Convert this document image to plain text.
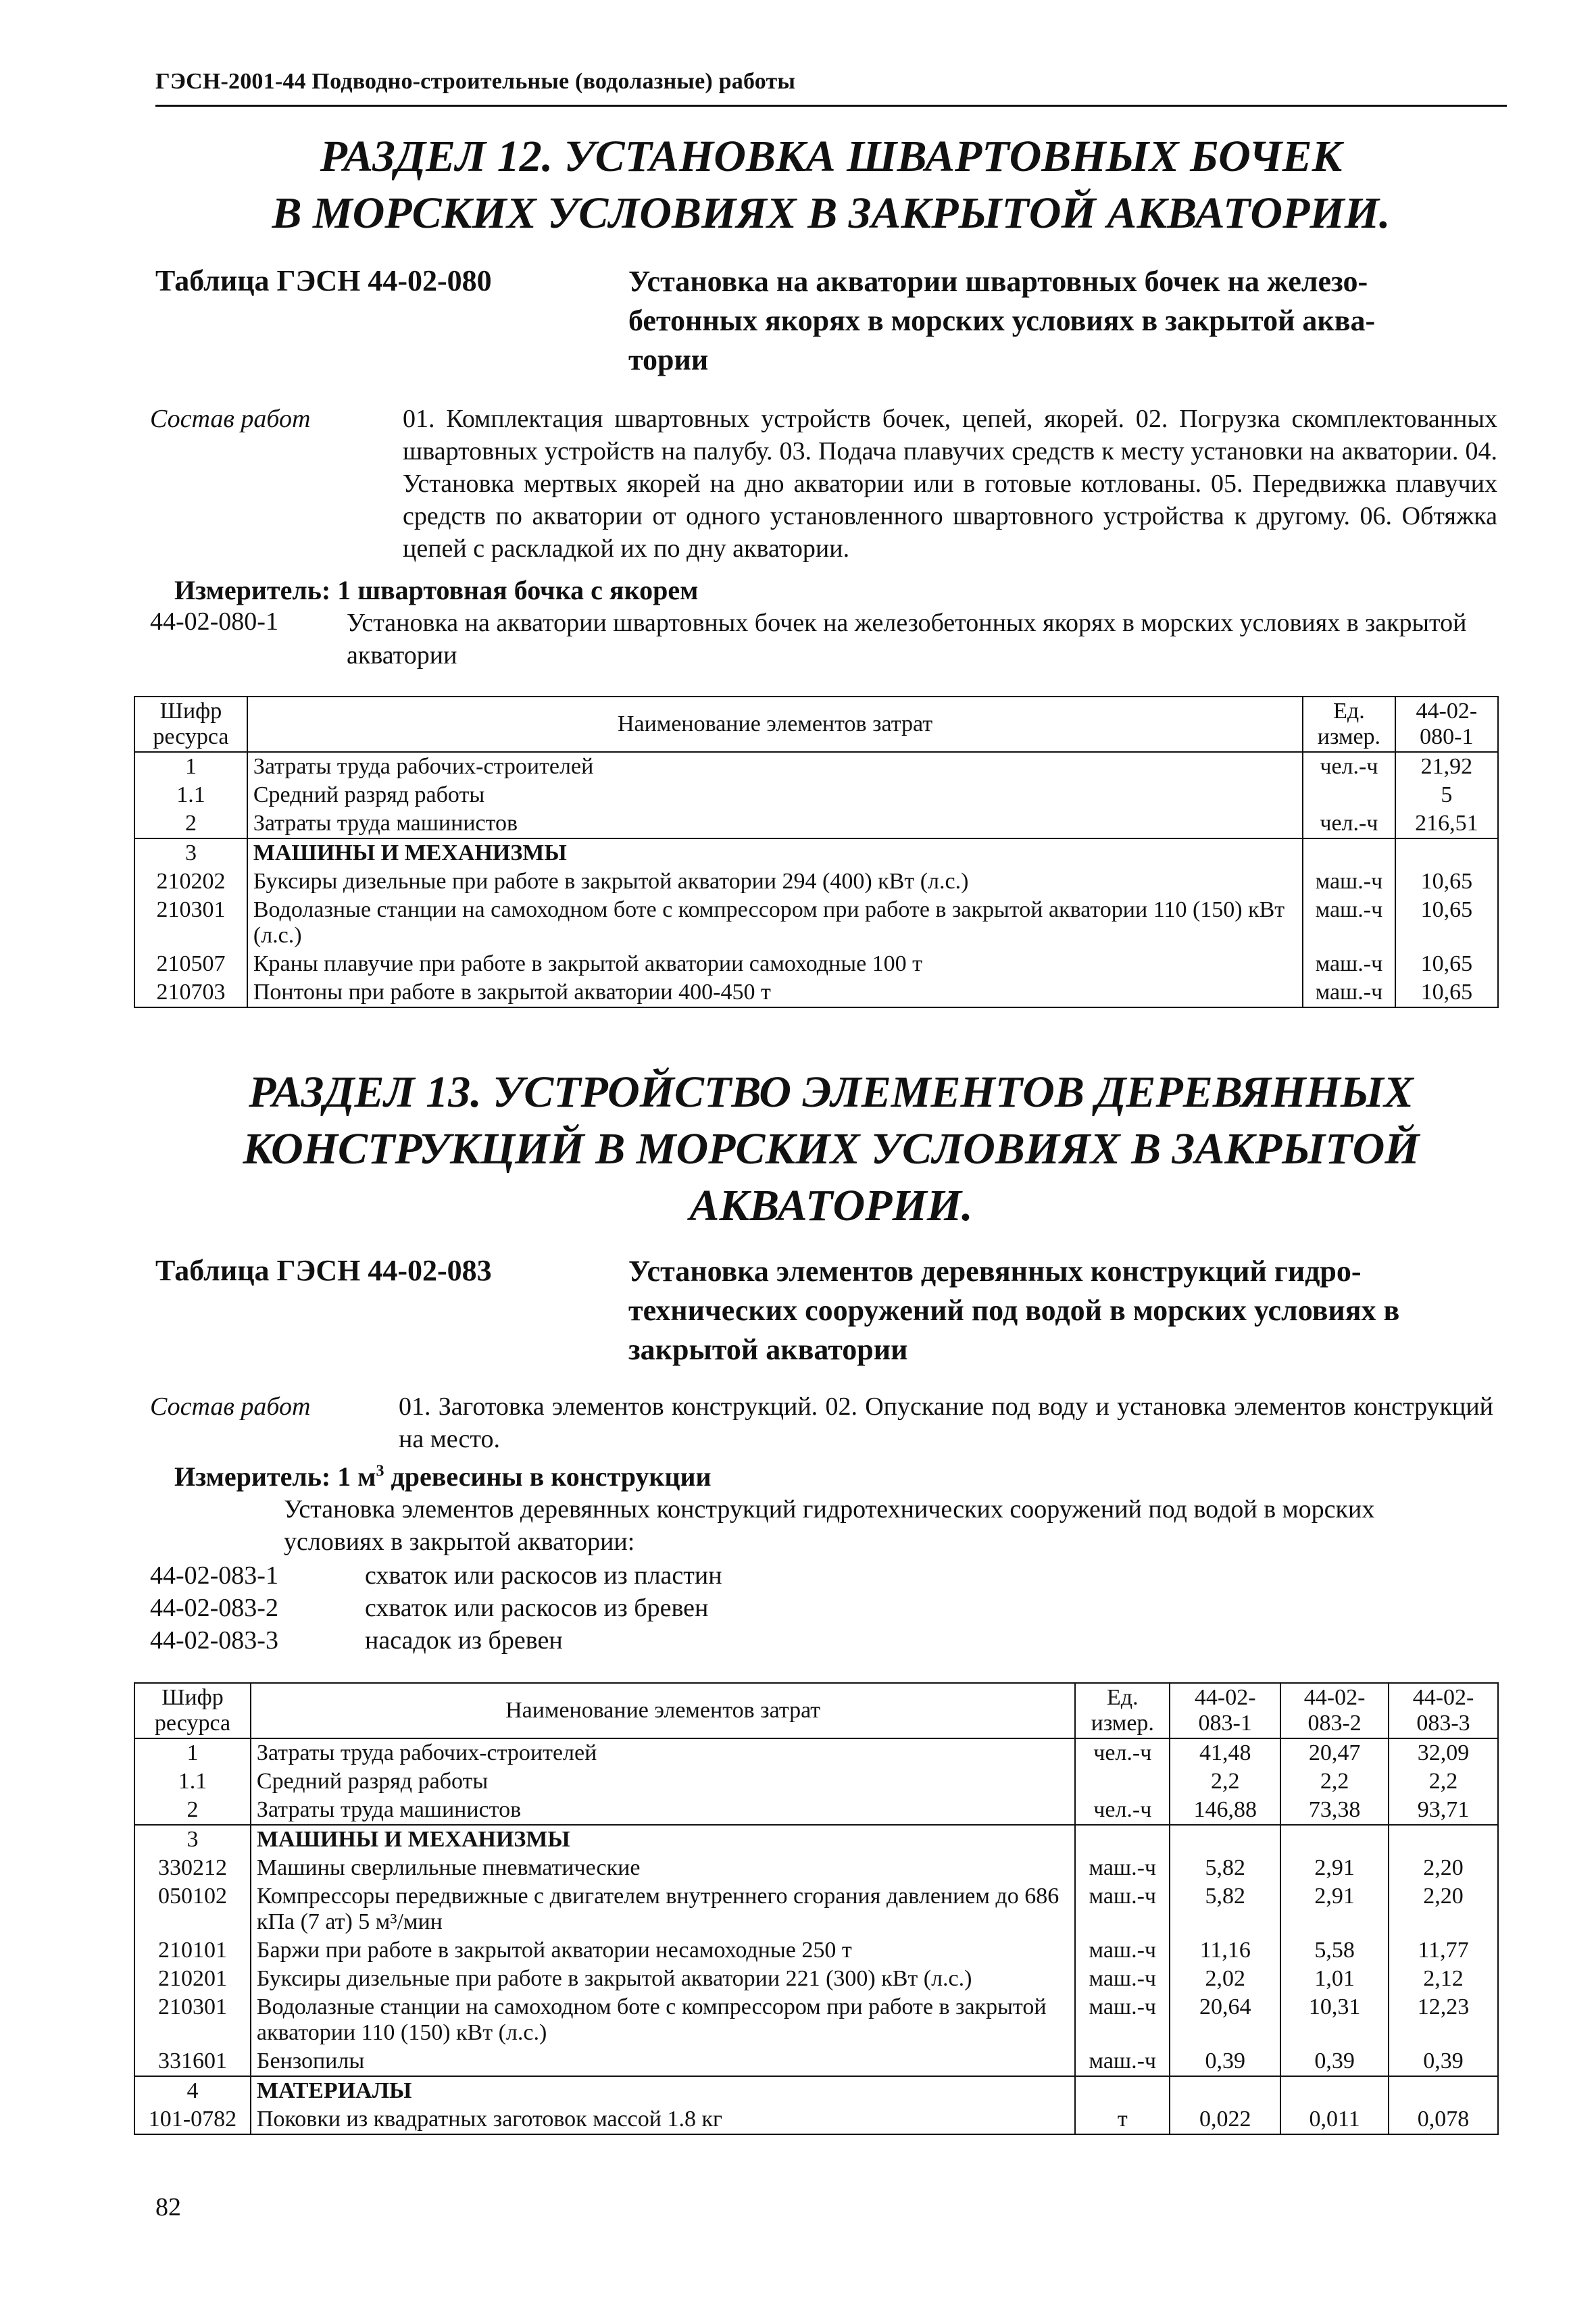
ГЭСН-2001-44 Подводно-строительные (водолазные) работы
РАЗДЕЛ 12. УСТАНОВКА ШВАРТОВНЫХ БОЧЕК
В МОРСКИХ УСЛОВИЯХ В ЗАКРЫТОЙ АКВАТОРИИ.
Таблица ГЭСН 44-02-080	Установка на акватории швартовных бочек на железо-
бетонных якорях в морских условиях в закрытой аква-
тории
Состав работ	01. Комплектация швартовных устройств бочек, цепей, якорей. 02. Погрузка скомплектованных швартовных устройств на палубу. 03. Подача плавучих средств к месту установки на акватории. 04. Установка мертвых якорей на дно акватории или в готовые котлованы. 05. Передвижка плавучих средств по акватории от одного установленного швартовного устройства к другому. 06. Обтяжка цепей с раскладкой их по дну акватории.
Измеритель: 1 швартовная бочка с якорем
44-02-080-1	Установка на акватории швартовных бочек на железобетонных якорях в морских условиях в закрытой акватории
Шифр ресурса	Наименование элементов затрат	Ед. измер.	44-02-080-1
1	Затраты труда рабочих-строителей	чел.-ч	21,92
1.1	Средний разряд работы		5
2	Затраты труда машинистов	чел.-ч	216,51
3	МАШИНЫ И МЕХАНИЗМЫ		
210202	Буксиры дизельные при работе в закрытой акватории 294 (400) кВт (л.с.)	маш.-ч	10,65
210301	Водолазные станции на самоходном боте с компрессором при работе в закрытой акватории 110 (150) кВт (л.с.)	маш.-ч	10,65
210507	Краны плавучие при работе в закрытой акватории самоходные 100 т	маш.-ч	10,65
210703	Понтоны при работе в закрытой акватории 400-450 т	маш.-ч	10,65
РАЗДЕЛ 13. УСТРОЙСТВО ЭЛЕМЕНТОВ ДЕРЕВЯННЫХ
КОНСТРУКЦИЙ В МОРСКИХ УСЛОВИЯХ В ЗАКРЫТОЙ
АКВАТОРИИ.
Таблица ГЭСН 44-02-083	Установка элементов деревянных конструкций гидро-
технических сооружений под водой в морских условиях в
закрытой акватории
Состав работ	01. Заготовка элементов конструкций. 02. Опускание под воду и установка элементов конструкций на место.
Измеритель: 1 $м^3$ древесины в конструкции
Установка элементов деревянных конструкций гидротехнических сооружений под водой в морских условиях в закрытой акватории:
44-02-083-1	схваток или раскосов из пластин
44-02-083-2	схваток или раскосов из бревен
44-02-083-3	насадок из бревен
Шифр ресурса	Наименование элементов затрат	Ед. измер.	44-02-083-1	44-02-083-2	44-02-083-3
1	Затраты труда рабочих-строителей	чел.-ч	41,48	20,47	32,09
1.1	Средний разряд работы		2,2	2,2	2,2
2	Затраты труда машинистов	чел.-ч	146,88	73,38	93,71
3	МАШИНЫ И МЕХАНИЗМЫ				
330212	Машины сверлильные пневматические	маш.-ч	5,82	2,91	2,20
050102	Компрессоры передвижные с двигателем внутреннего сгорания давлением до 686 кПа (7 ат) 5 м³/мин	маш.-ч	5,82	2,91	2,20
210101	Баржи при работе в закрытой акватории несамоходные 250 т	маш.-ч	11,16	5,58	11,77
210201	Буксиры дизельные при работе в закрытой акватории 221 (300) кВт (л.с.)	маш.-ч	2,02	1,01	2,12
210301	Водолазные станции на самоходном боте с компрессором при работе в закрытой акватории 110 (150) кВт (л.с.)	маш.-ч	20,64	10,31	12,23
331601	Бензопилы	маш.-ч	0,39	0,39	0,39
4	МАТЕРИАЛЫ				
101-0782	Поковки из квадратных заготовок массой 1.8 кг	т	0,022	0,011	0,078
82
